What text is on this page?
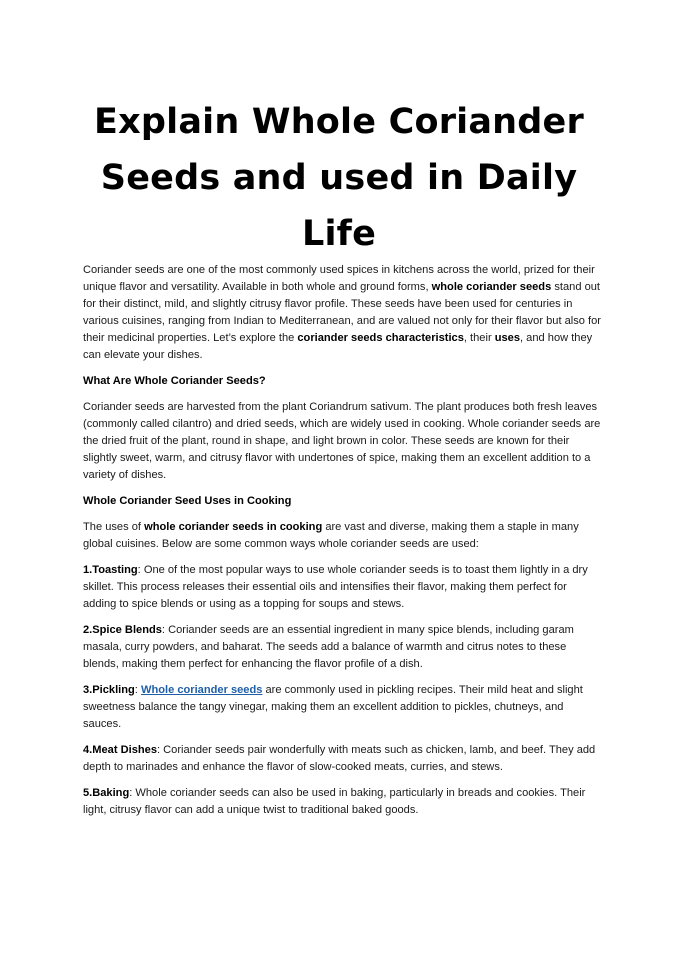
Explain Whole Coriander Seeds and used in Daily Life

Coriander seeds are one of the most commonly used spices in kitchens across the world, prized for their unique flavor and versatility. Available in both whole and ground forms, whole coriander seeds stand out for their distinct, mild, and slightly citrusy flavor profile. These seeds have been used for centuries in various cuisines, ranging from Indian to Mediterranean, and are valued not only for their flavor but also for their medicinal properties. Let’s explore the coriander seeds characteristics, their uses, and how they can elevate your dishes.

What Are Whole Coriander Seeds?

Coriander seeds are harvested from the plant Coriandrum sativum. The plant produces both fresh leaves (commonly called cilantro) and dried seeds, which are widely used in cooking. Whole coriander seeds are the dried fruit of the plant, round in shape, and light brown in color. These seeds are known for their slightly sweet, warm, and citrusy flavor with undertones of spice, making them an excellent addition to a variety of dishes.

Whole Coriander Seed Uses in Cooking

The uses of whole coriander seeds in cooking are vast and diverse, making them a staple in many global cuisines. Below are some common ways whole coriander seeds are used:

1.Toasting: One of the most popular ways to use whole coriander seeds is to toast them lightly in a dry skillet. This process releases their essential oils and intensifies their flavor, making them perfect for adding to spice blends or using as a topping for soups and stews.

2.Spice Blends: Coriander seeds are an essential ingredient in many spice blends, including garam masala, curry powders, and baharat. The seeds add a balance of warmth and citrus notes to these blends, making them perfect for enhancing the flavor profile of a dish.

3.Pickling: Whole coriander seeds are commonly used in pickling recipes. Their mild heat and slight sweetness balance the tangy vinegar, making them an excellent addition to pickles, chutneys, and sauces.

4.Meat Dishes: Coriander seeds pair wonderfully with meats such as chicken, lamb, and beef. They add depth to marinades and enhance the flavor of slow-cooked meats, curries, and stews.

5.Baking: Whole coriander seeds can also be used in baking, particularly in breads and cookies. Their light, citrusy flavor can add a unique twist to traditional baked goods.
